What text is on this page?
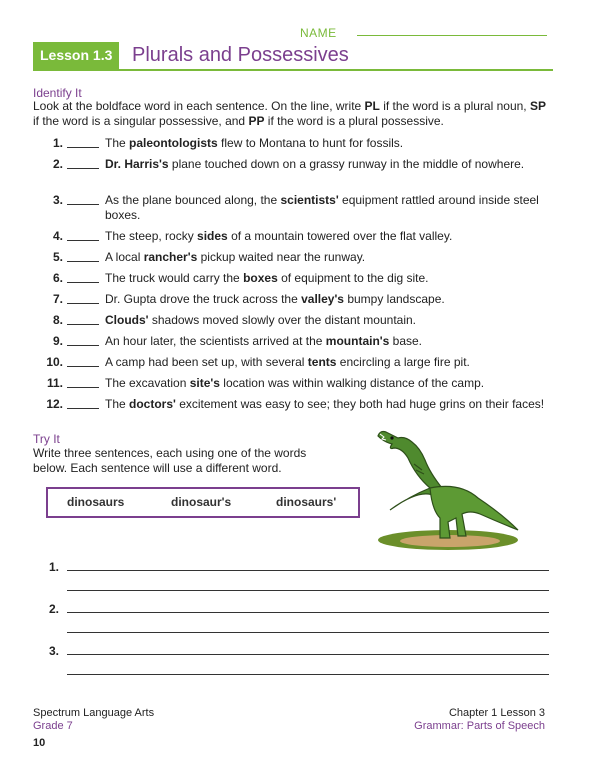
NAME
Lesson 1.3 Plurals and Possessives
Identify It
Look at the boldface word in each sentence. On the line, write PL if the word is a plural noun, SP if the word is a singular possessive, and PP if the word is a plural possessive.
1.	The paleontologists flew to Montana to hunt for fossils.
2.	Dr. Harris's plane touched down on a grassy runway in the middle of nowhere.
3.	As the plane bounced along, the scientists' equipment rattled around inside steel boxes.
4.	The steep, rocky sides of a mountain towered over the flat valley.
5.	A local rancher's pickup waited near the runway.
6.	The truck would carry the boxes of equipment to the dig site.
7.	Dr. Gupta drove the truck across the valley's bumpy landscape.
8.	Clouds' shadows moved slowly over the distant mountain.
9.	An hour later, the scientists arrived at the mountain's base.
10.	A camp had been set up, with several tents encircling a large fire pit.
11.	The excavation site's location was within walking distance of the camp.
12.	The doctors' excitement was easy to see; they both had huge grins on their faces!
Try It
Write three sentences, each using one of the words
below. Each sentence will use a different word.
dinosaurs	dinosaur's	dinosaurs'
1.
2.
3.
Spectrum Language Arts
Grade 7
10
Chapter 1 Lesson 3
Grammar: Parts of Speech
